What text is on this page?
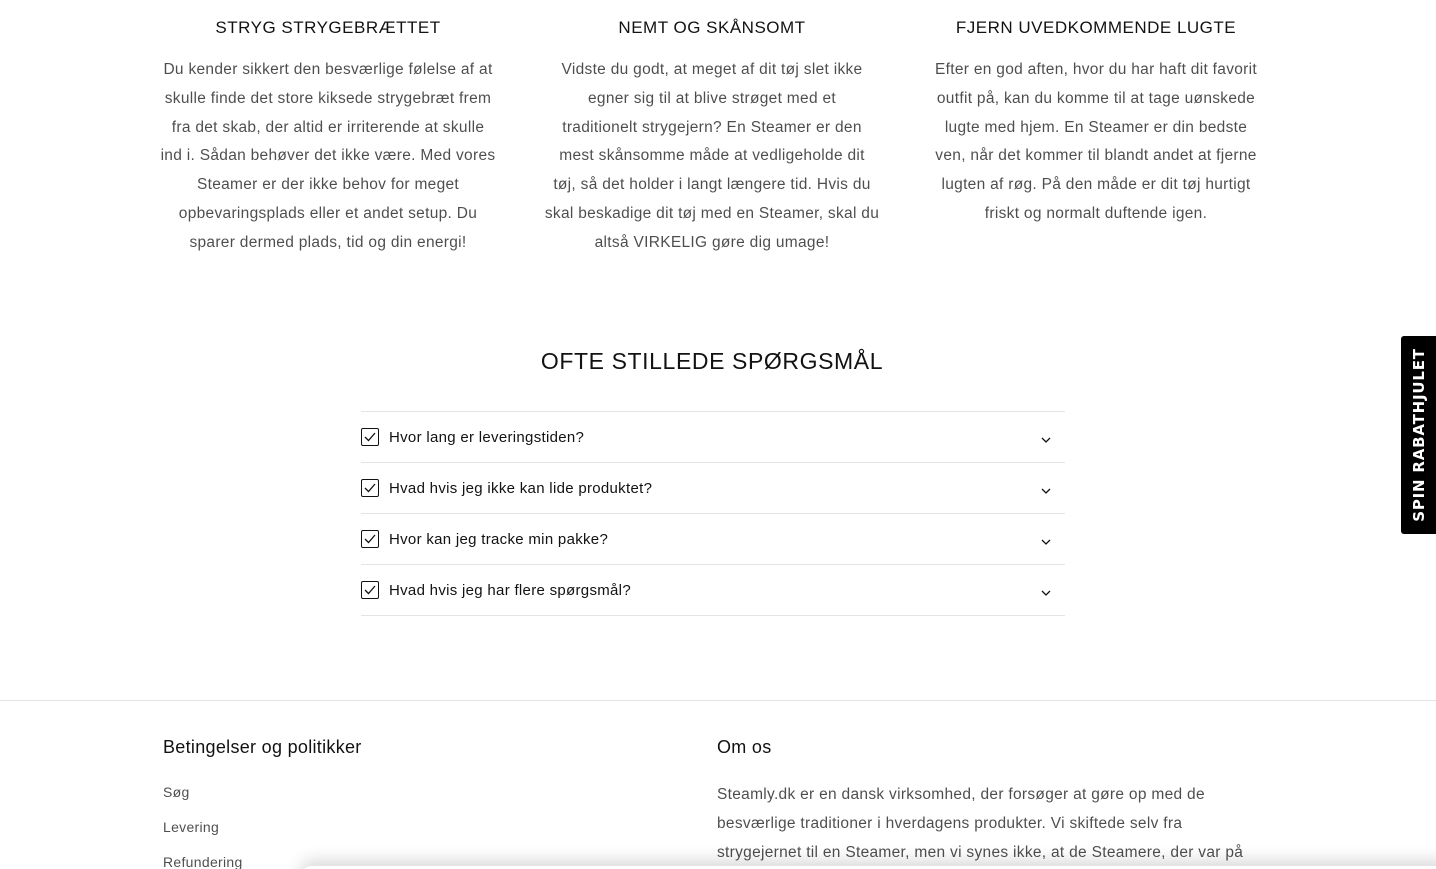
STRYG STRYGEBRÆTTET

Du kender sikkert den besværlige følelse af at
skulle finde det store kiksede strygebræt frem
fra det skab, der altid er irriterende at skulle
ind i. Sådan behøver det ikke være. Med vores
Steamer er der ikke behov for meget
opbevaringsplads eller et andet setup. Du
sparer dermed plads, tid og din energi!

NEMT OG SKÅNSOMT

Vidste du godt, at meget af dit tøj slet ikke
egner sig til at blive strøget med et
traditionelt strygejern? En Steamer er den
mest skånsomme måde at vedligeholde dit
tøj, så det holder i langt længere tid. Hvis du
skal beskadige dit tøj med en Steamer, skal du
altså VIRKELIG gøre dig umage!

FJERN UVEDKOMMENDE LUGTE

Efter en god aften, hvor du har haft dit favorit
outfit på, kan du komme til at tage uønskede
lugte med hjem. En Steamer er din bedste
ven, når det kommer til blandt andet at fjerne
lugten af røg. På den måde er dit tøj hurtigt
friskt og normalt duftende igen.

OFTE STILLEDE SPØRGSMÅL
Hvor lang er leveringstiden?
Hvad hvis jeg ikke kan lide produktet?
Hvor kan jeg tracke min pakke?
Hvad hvis jeg har flere spørgsmål?
Betingelser og politikker
Søg
Levering
Refundering
Om os

Steamly.dk er en dansk virksomhed, der forsøger at gøre op med de
besværlige traditioner i hverdagens produkter. Vi skiftede selv fra
strygejernet til en Steamer, men vi synes ikke, at de Steamere, der var på

SPIN RABATHJULET
